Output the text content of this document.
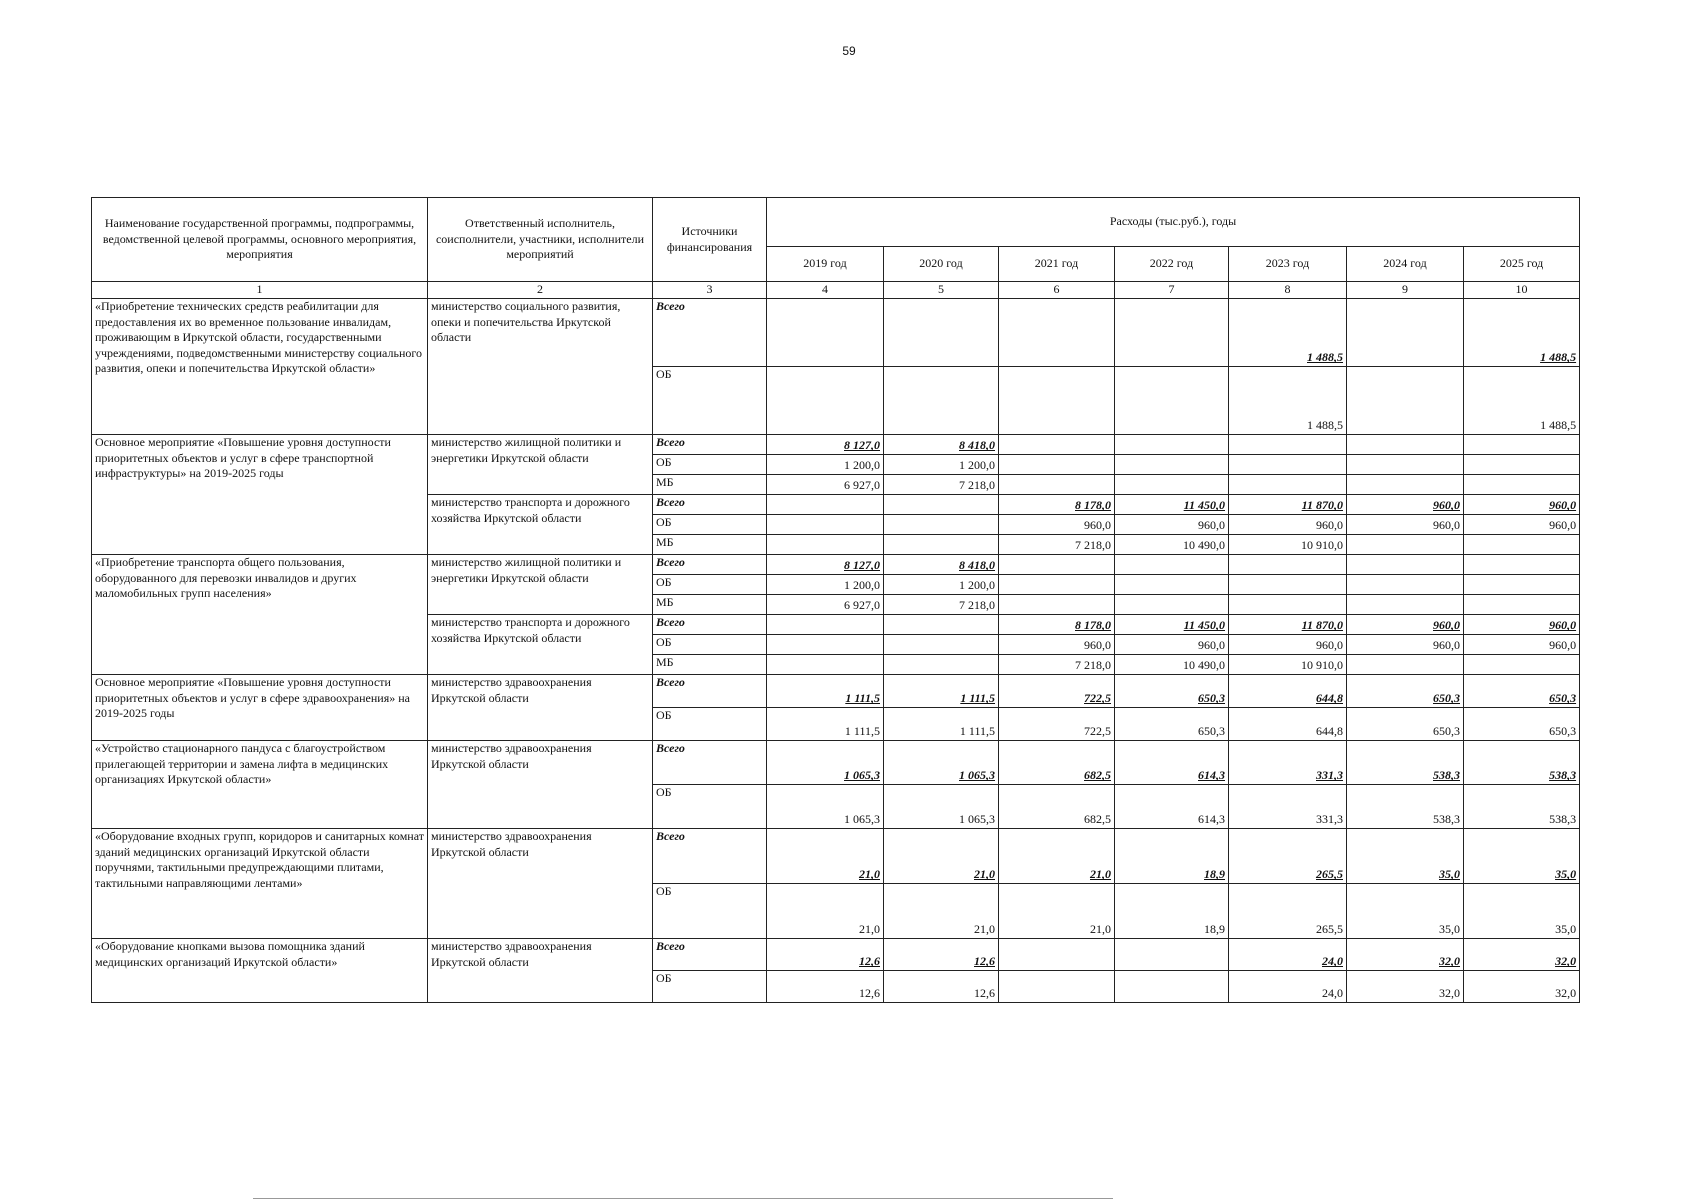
59
Наименование государственной программы, подпрограммы, ведомственной целевой программы, основного мероприятия, мероприятия	Ответственный исполнитель, соисполнители, участники, исполнители мероприятий	Источники финансирования	Расходы (тыс.руб.), годы						
			2019 год	2020 год	2021 год	2022 год	2023 год	2024 год	2025 год
1	2	3	4	5	6	7	8	9	10
«Приобретение технических средств реабилитации для предоставления их во временное пользование инвалидам, проживающим в Иркутской области, государственными учреждениями, подведомственными министерству социального развития, опеки и попечительства Иркутской области»	министерство социального развития, опеки и попечительства Иркутской области	Всего					1 488,5		1 488,5
		ОБ					1 488,5		1 488,5
Основное мероприятие «Повышение уровня доступности приоритетных объектов и услуг в сфере транспортной инфраструктуры» на 2019-2025 годы	министерство жилищной политики и энергетики Иркутской области	Всего	8 127,0	8 418,0					
		ОБ	1 200,0	1 200,0					
		МБ	6 927,0	7 218,0					
	министерство транспорта и дорожного хозяйства Иркутской области	Всего			8 178,0	11 450,0	11 870,0	960,0	960,0
		ОБ			960,0	960,0	960,0	960,0	960,0
		МБ			7 218,0	10 490,0	10 910,0		
«Приобретение транспорта общего пользования, оборудованного для перевозки инвалидов и других маломобильных групп населения»	министерство жилищной политики и энергетики Иркутской области	Всего	8 127,0	8 418,0					
		ОБ	1 200,0	1 200,0					
		МБ	6 927,0	7 218,0					
	министерство транспорта и дорожного хозяйства Иркутской области	Всего			8 178,0	11 450,0	11 870,0	960,0	960,0
		ОБ			960,0	960,0	960,0	960,0	960,0
		МБ			7 218,0	10 490,0	10 910,0		
Основное мероприятие «Повышение уровня доступности приоритетных объектов и услуг в сфере здравоохранения» на 2019-2025 годы	министерство здравоохранения Иркутской области	Всего	1 111,5	1 111,5	722,5	650,3	644,8	650,3	650,3
		ОБ	1 111,5	1 111,5	722,5	650,3	644,8	650,3	650,3
«Устройство стационарного пандуса с благоустройством прилегающей территории и замена лифта в медицинских организациях Иркутской области»	министерство здравоохранения Иркутской области	Всего	1 065,3	1 065,3	682,5	614,3	331,3	538,3	538,3
		ОБ	1 065,3	1 065,3	682,5	614,3	331,3	538,3	538,3
«Оборудование входных групп, коридоров и санитарных комнат зданий медицинских организаций Иркутской области поручнями, тактильными предупреждающими плитами, тактильными направляющими лентами»	министерство здравоохранения Иркутской области	Всего	21,0	21,0	21,0	18,9	265,5	35,0	35,0
		ОБ	21,0	21,0	21,0	18,9	265,5	35,0	35,0
«Оборудование кнопками вызова помощника зданий медицинских организаций Иркутской области»	министерство здравоохранения Иркутской области	Всего	12,6	12,6			24,0	32,0	32,0
		ОБ	12,6	12,6			24,0	32,0	32,0
